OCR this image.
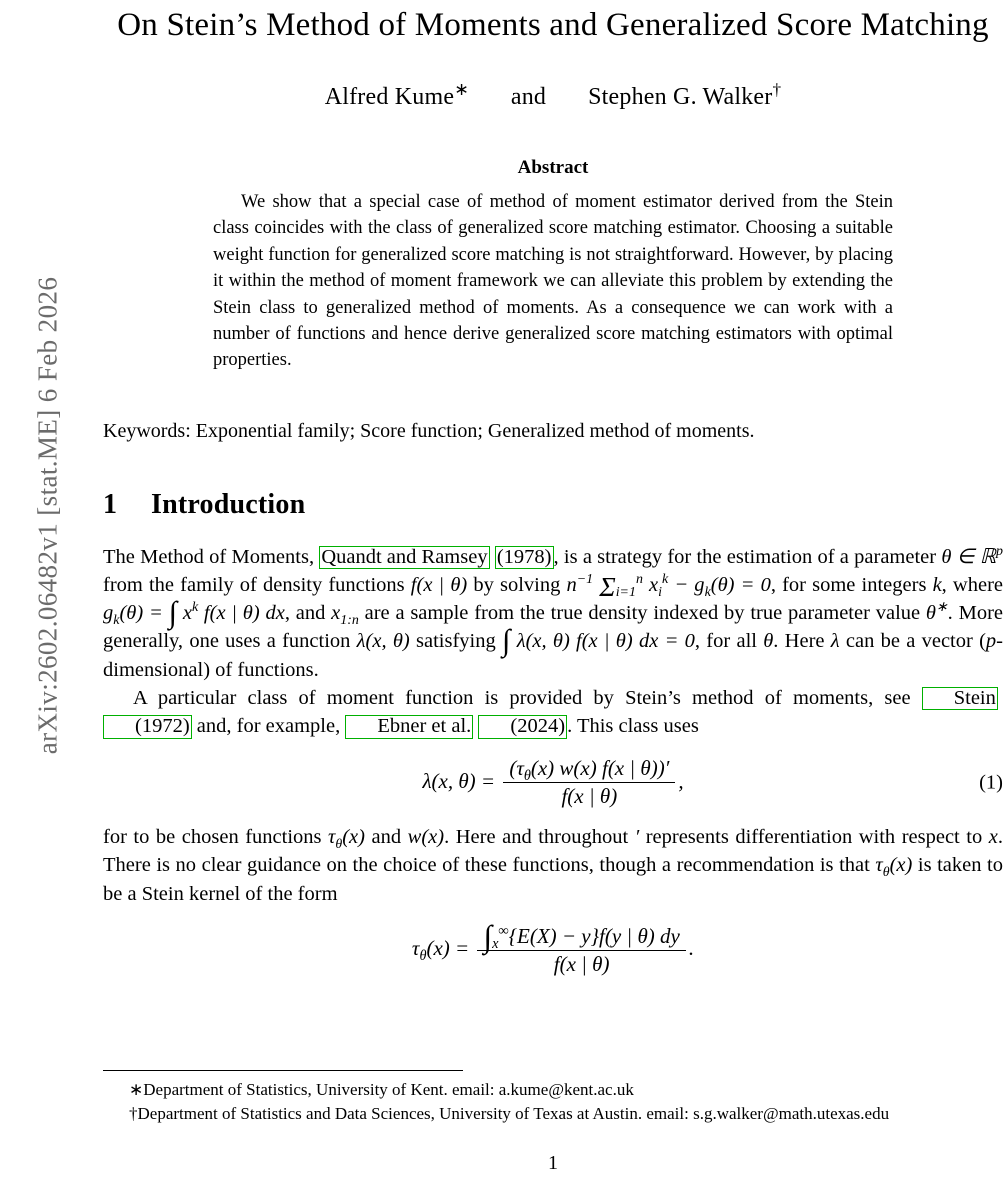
arXiv:2602.06482v1 [stat.ME] 6 Feb 2026
On Stein’s Method of Moments and Generalized Score Matching
Alfred Kume∗ and Stephen G. Walker†
Abstract
We show that a special case of method of moment estimator derived from the Stein class coincides with the class of generalized score matching estimator. Choosing a suitable weight function for generalized score matching is not straightforward. However, by placing it within the method of moment framework we can alleviate this problem by extending the Stein class to generalized method of moments. As a consequence we can work with a number of functions and hence derive generalized score matching estimators with optimal properties.
Keywords: Exponential family; Score function; Generalized method of moments.
1 Introduction

The Method of Moments, Quandt and Ramsey (1978), is a strategy for the estimation of a parameter θ ∈ ℝ$^p$ from the family of density functions f(x | θ) by solving $n^{-1}$ $\Sigma_{i=1}^n$ $x_i^k - g_k(\theta) = 0$, for some integers k, where $g_k(\theta)$ = ∫ $x^k$ f(x | θ) dx, and $x_{1:n}$ are a sample from the true density indexed by true parameter value θ∗. More generally, one uses a function λ(x, θ) satisfying ∫ λ(x, θ) f(x | θ) dx = 0, for all θ. Here λ can be a vector (p-dimensional) of functions.

A particular class of moment function is provided by Stein’s method of moments, see Stein (1972) and, for example, Ebner et al. (2024). This class uses

λ(x, $\theta) = \frac{(\tau_\theta(x) w(x) f(x | \theta))'}{f(x | \theta)}$ ,	(1)

for to be chosen functions $\tau_\theta(x)$ and w(x). Here and throughout ′ represents differentiation with respect to x. There is no clear guidance on the choice of these functions, though a recommendation is that $\tau_\theta(x)$ is taken to be a Stein kernel of the form

$\tau_\theta(x) = \frac{\int_x^\infty\{E(X) - y\}f(y | \theta) dy}{f(x | \theta)}$ .

∗Department of Statistics, University of Kent. email: a.kume@kent.ac.uk

†Department of Statistics and Data Sciences, University of Texas at Austin. email: s.g.walker@math.utexas.edu

1
